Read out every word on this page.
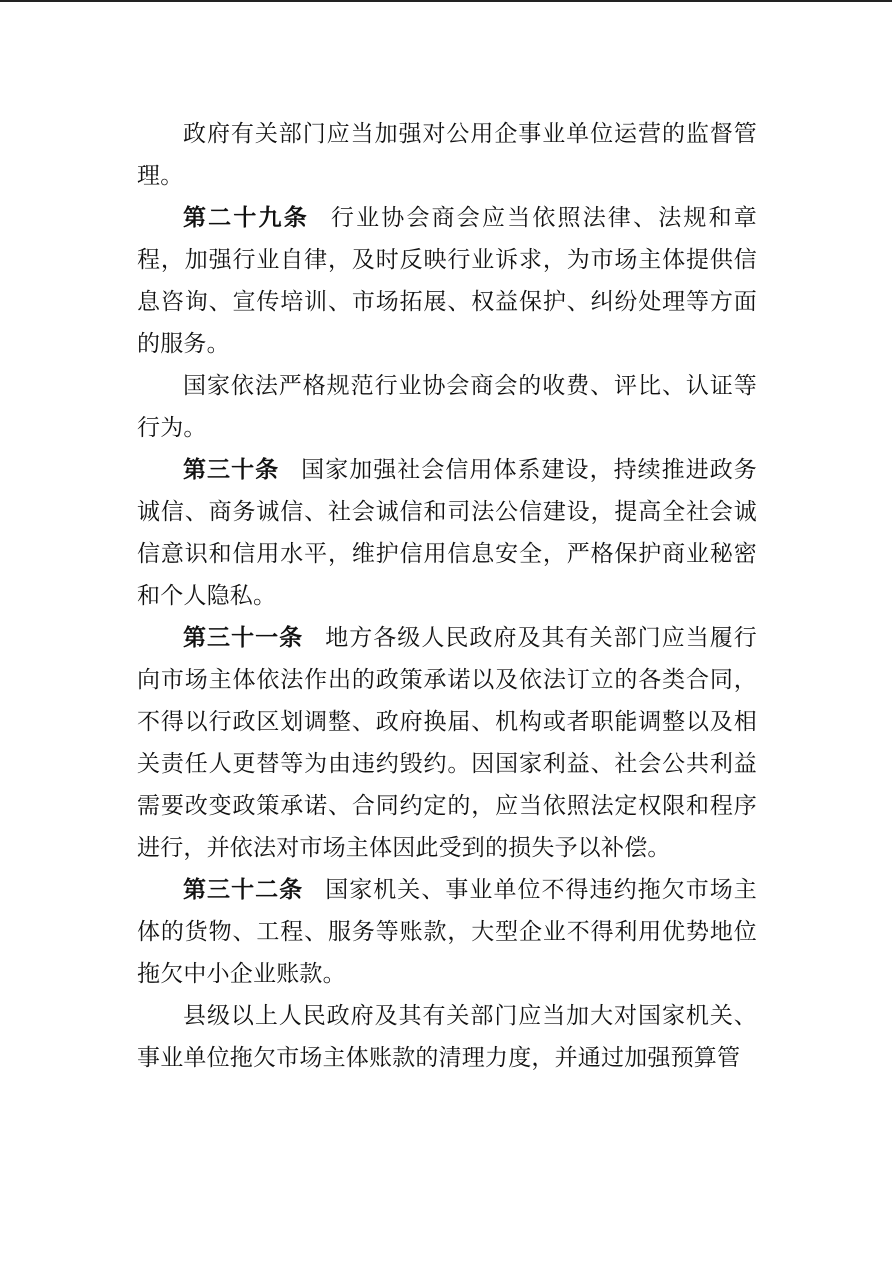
政府有关部门应当加强对公用企事业单位运营的监督管理。

第二十九条 行业协会商会应当依照法律、法规和章程，加强行业自律，及时反映行业诉求，为市场主体提供信息咨询、宣传培训、市场拓展、权益保护、纠纷处理等方面的服务。

国家依法严格规范行业协会商会的收费、评比、认证等行为。

第三十条 国家加强社会信用体系建设，持续推进政务诚信、商务诚信、社会诚信和司法公信建设，提高全社会诚信意识和信用水平，维护信用信息安全，严格保护商业秘密和个人隐私。

第三十一条 地方各级人民政府及其有关部门应当履行向市场主体依法作出的政策承诺以及依法订立的各类合同，不得以行政区划调整、政府换届、机构或者职能调整以及相关责任人更替等为由违约毁约。因国家利益、社会公共利益需要改变政策承诺、合同约定的，应当依照法定权限和程序进行，并依法对市场主体因此受到的损失予以补偿。

第三十二条 国家机关、事业单位不得违约拖欠市场主体的货物、工程、服务等账款，大型企业不得利用优势地位拖欠中小企业账款。

县级以上人民政府及其有关部门应当加大对国家机关、事业单位拖欠市场主体账款的清理力度，并通过加强预算管
